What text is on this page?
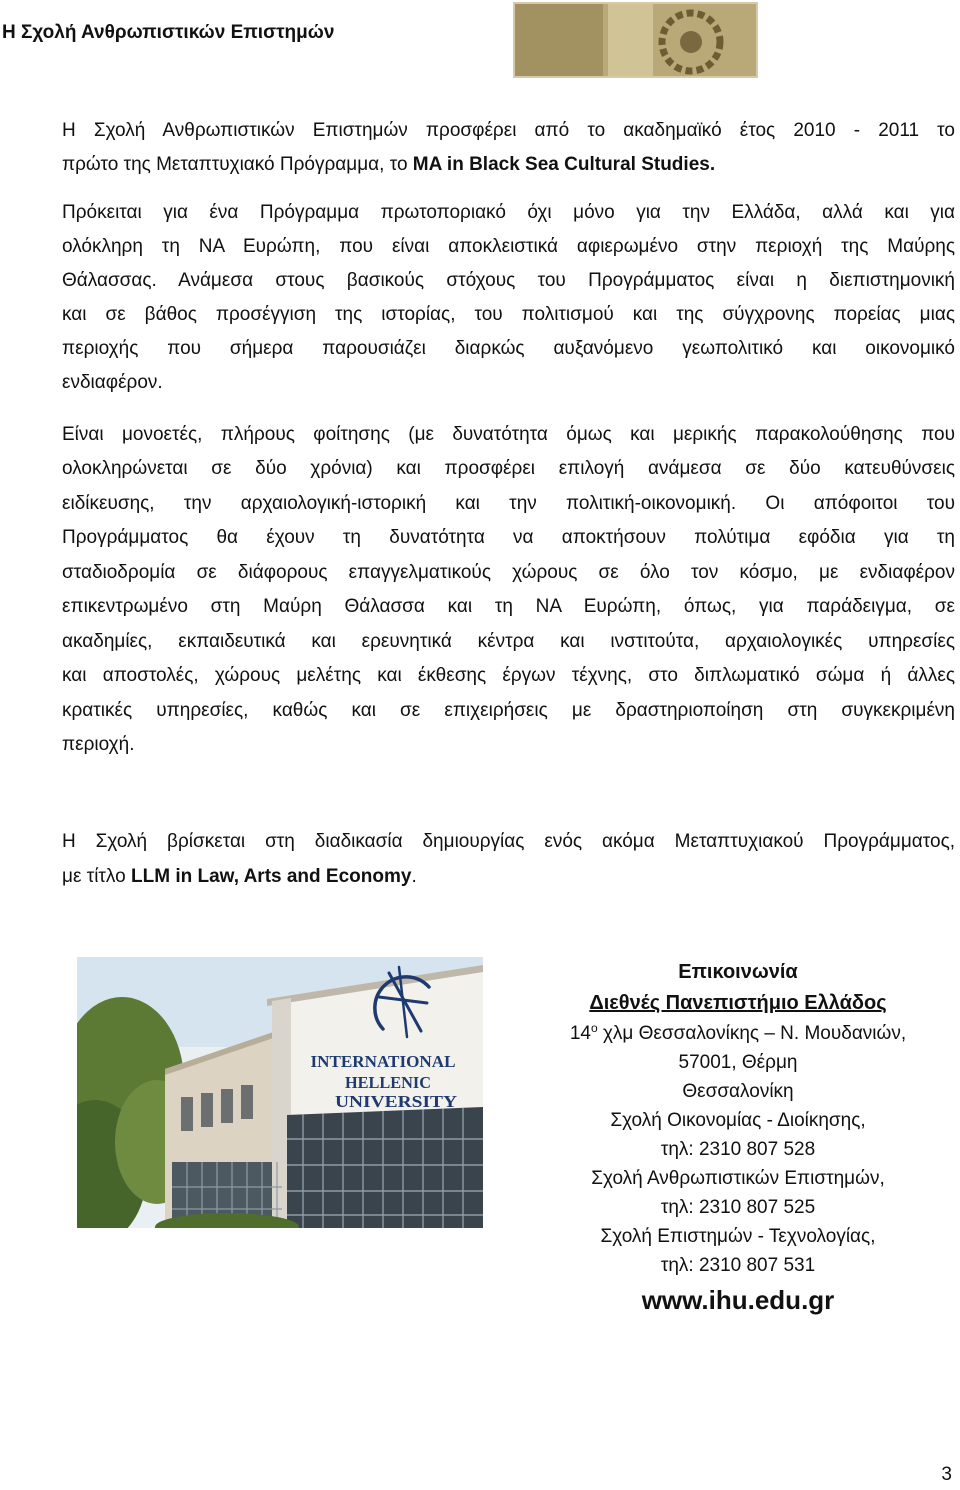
Η Σχολή Ανθρωπιστικών Επιστημών
Η Σχολή Ανθρωπιστικών Επιστημών προσφέρει από το ακαδημαϊκό έτος 2010 - 2011 το
πρώτο της Μεταπτυχιακό Πρόγραμμα, το MA in Black Sea Cultural Studies.
Πρόκειται για ένα Πρόγραμμα πρωτοποριακό όχι μόνο για την Ελλάδα, αλλά και για
ολόκληρη τη ΝΑ Ευρώπη, που είναι αποκλειστικά αφιερωμένο στην περιοχή της Μαύρης
Θάλασσας. Ανάμεσα στους βασικούς στόχους του Προγράμματος είναι η διεπιστημονική
και σε βάθος προσέγγιση της ιστορίας, του πολιτισμού και της σύγχρονης πορείας μιας
περιοχής που σήμερα παρουσιάζει διαρκώς αυξανόμενο γεωπολιτικό και οικονομικό
ενδιαφέρον.
Είναι μονοετές, πλήρους φοίτησης (με δυνατότητα όμως και μερικής παρακολούθησης που
ολοκληρώνεται σε δύο χρόνια) και προσφέρει επιλογή ανάμεσα σε δύο κατευθύνσεις
ειδίκευσης, την αρχαιολογική-ιστορική και την πολιτική-οικονομική. Οι απόφοιτοι του
Προγράμματος θα έχουν τη δυνατότητα να αποκτήσουν πολύτιμα εφόδια για τη
σταδιοδρομία σε διάφορους επαγγελματικούς χώρους σε όλο τον κόσμο, με ενδιαφέρον
επικεντρωμένο στη Μαύρη Θάλασσα και τη ΝΑ Ευρώπη, όπως, για παράδειγμα, σε
ακαδημίες, εκπαιδευτικά και ερευνητικά κέντρα και ινστιτούτα, αρχαιολογικές υπηρεσίες
και αποστολές, χώρους μελέτης και έκθεσης έργων τέχνης, στο διπλωματικό σώμα ή άλλες
κρατικές υπηρεσίες, καθώς και σε επιχειρήσεις με δραστηριοποίηση στη συγκεκριμένη
περιοχή.
Η Σχολή βρίσκεται στη διαδικασία δημιουργίας ενός ακόμα Μεταπτυχιακού Προγράμματος,
με τίτλο LLM in Law, Arts and Economy.
INTERNATIONAL
HELLENIC
UNIVERSITY
Επικοινωνία
Διεθνές Πανεπιστήμιο Ελλάδος
$14^o$ χλμ Θεσσαλονίκης – Ν. Μουδανιών,
57001, Θέρμη
Θεσσαλονίκη
Σχολή Οικονομίας - Διοίκησης,
τηλ: 2310 807 528
Σχολή Ανθρωπιστικών Επιστημών,
τηλ: 2310 807 525
Σχολή Επιστημών - Τεχνολογίας,
τηλ: 2310 807 531
www.ihu.edu.gr
3
